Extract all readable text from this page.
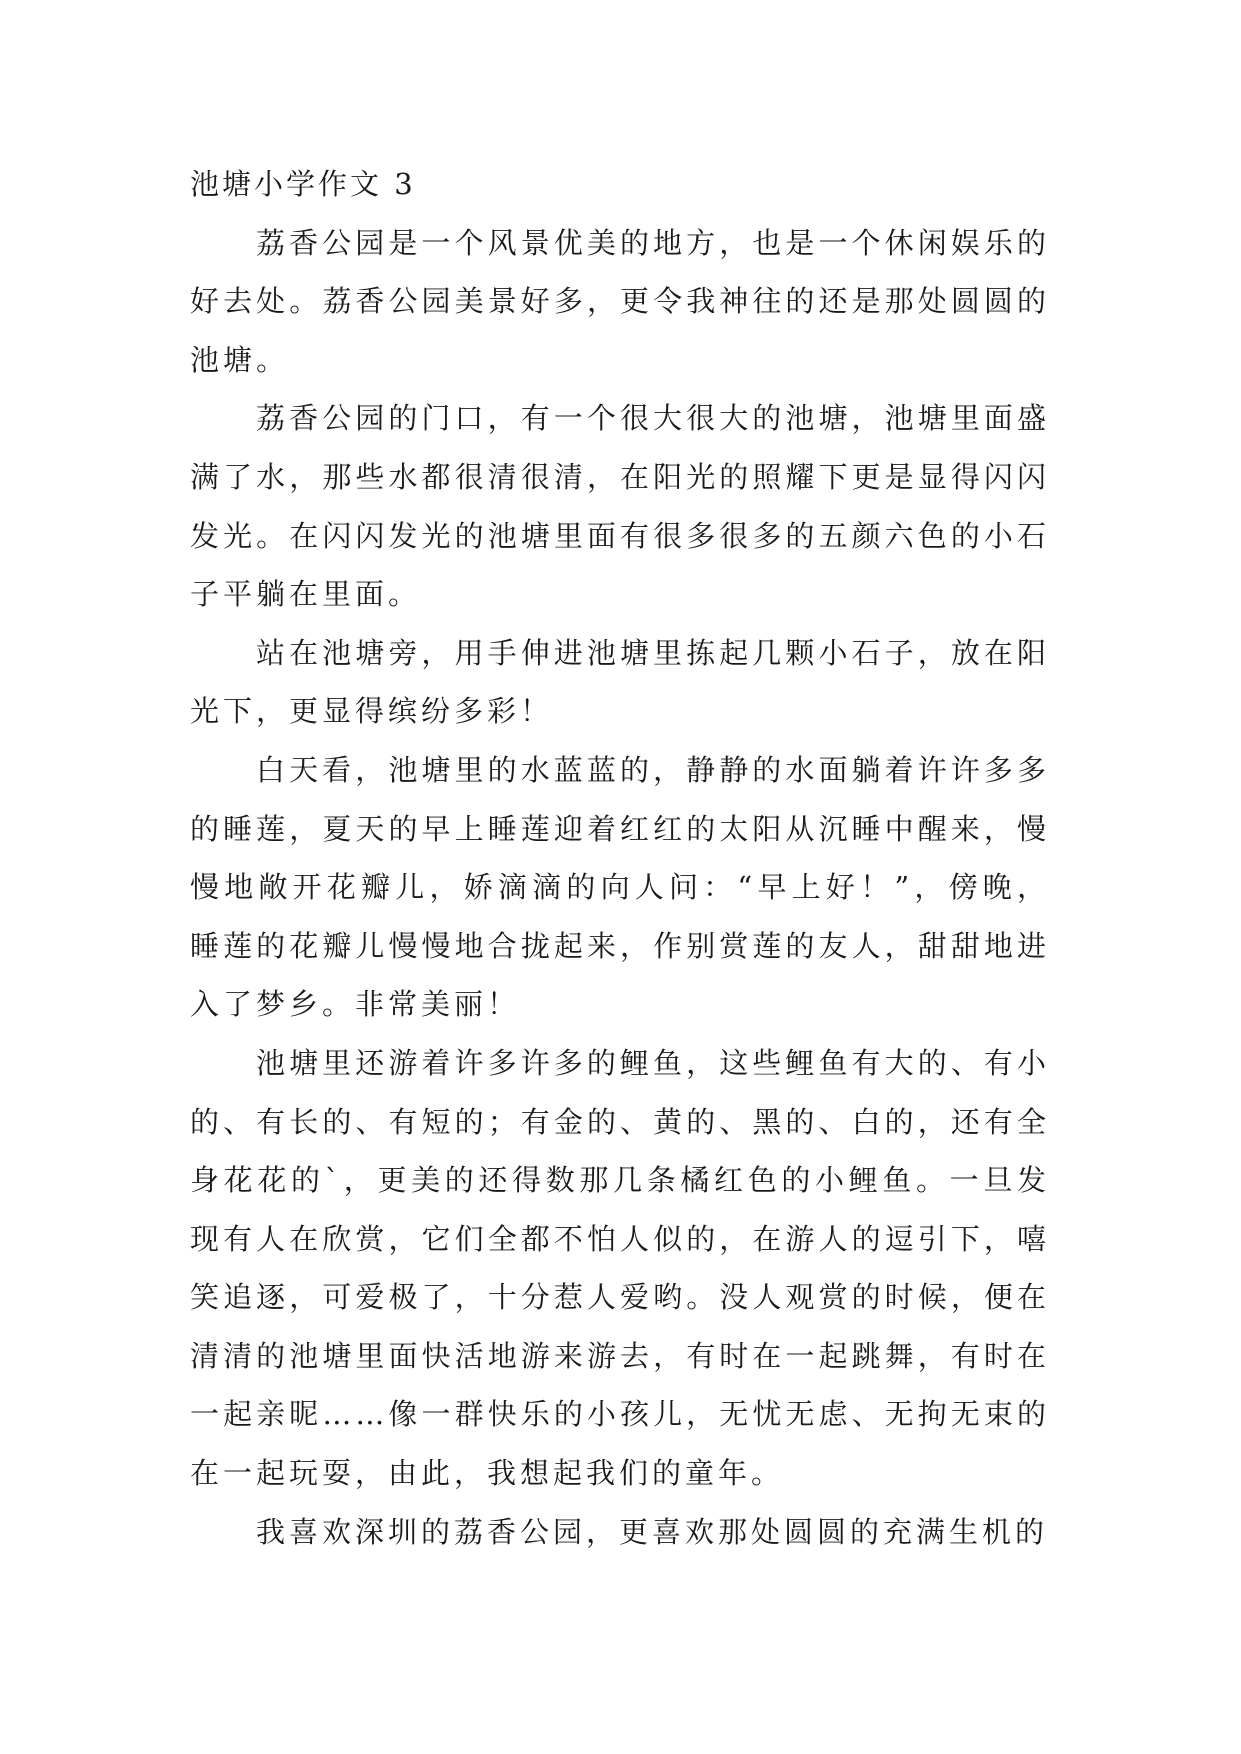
池塘小学作文 3

荔香公园是一个风景优美的地方，也是一个休闲娱乐的好去处。荔香公园美景好多，更令我神往的还是那处圆圆的池塘。

荔香公园的门口，有一个很大很大的池塘，池塘里面盛满了水，那些水都很清很清，在阳光的照耀下更是显得闪闪发光。在闪闪发光的池塘里面有很多很多的五颜六色的小石子平躺在里面。

站在池塘旁，用手伸进池塘里拣起几颗小石子，放在阳光下，更显得缤纷多彩！

白天看，池塘里的水蓝蓝的，静静的水面躺着许许多多的睡莲，夏天的早上睡莲迎着红红的太阳从沉睡中醒来，慢慢地敞开花瓣儿，娇滴滴的向人问：“早上好！”，傍晚，睡莲的花瓣儿慢慢地合拢起来，作别赏莲的友人，甜甜地进入了梦乡。非常美丽！

池塘里还游着许多许多的鲤鱼，这些鲤鱼有大的、有小的、有长的、有短的；有金的、黄的、黑的、白的，还有全身花花的`，更美的还得数那几条橘红色的小鲤鱼。一旦发现有人在欣赏，它们全都不怕人似的，在游人的逗引下，嘻笑追逐，可爱极了，十分惹人爱哟。没人观赏的时候，便在清清的池塘里面快活地游来游去，有时在一起跳舞，有时在一起亲昵……像一群快乐的小孩儿，无忧无虑、无拘无束的在一起玩耍，由此，我想起我们的童年。

我喜欢深圳的荔香公园，更喜欢那处圆圆的充满生机的
